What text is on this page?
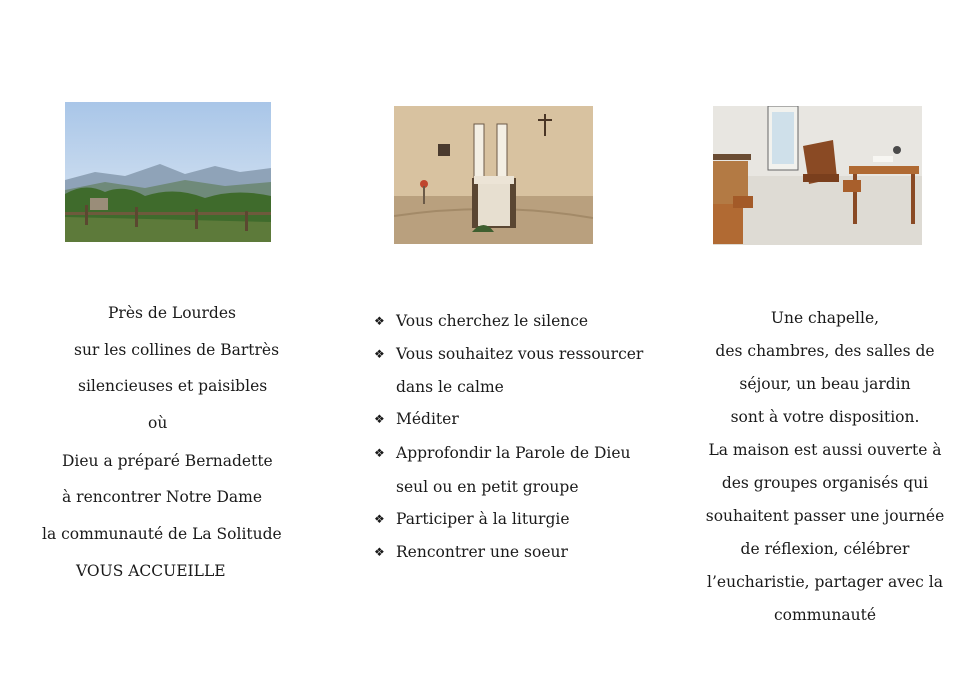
Près de Lourdes

sur les collines de Bartrès

silencieuses et paisibles

où

Dieu a préparé Bernadette

à rencontrer Notre Dame

la communauté de La Solitude

VOUS ACCUEILLE

❖ Vous cherchez le silence
❖ Vous souhaitez vous ressourcer
dans le calme
❖ Méditer
❖ Approfondir la Parole de Dieu
seul ou en petit groupe
❖ Participer à la liturgie
❖ Rencontrer une soeur

Une chapelle,

des chambres, des salles de

séjour, un beau jardin

sont à votre disposition.

La maison est aussi ouverte à

des groupes organisés qui

souhaitent passer une journée

de réflexion, célébrer

l’eucharistie, partager avec la

communauté
